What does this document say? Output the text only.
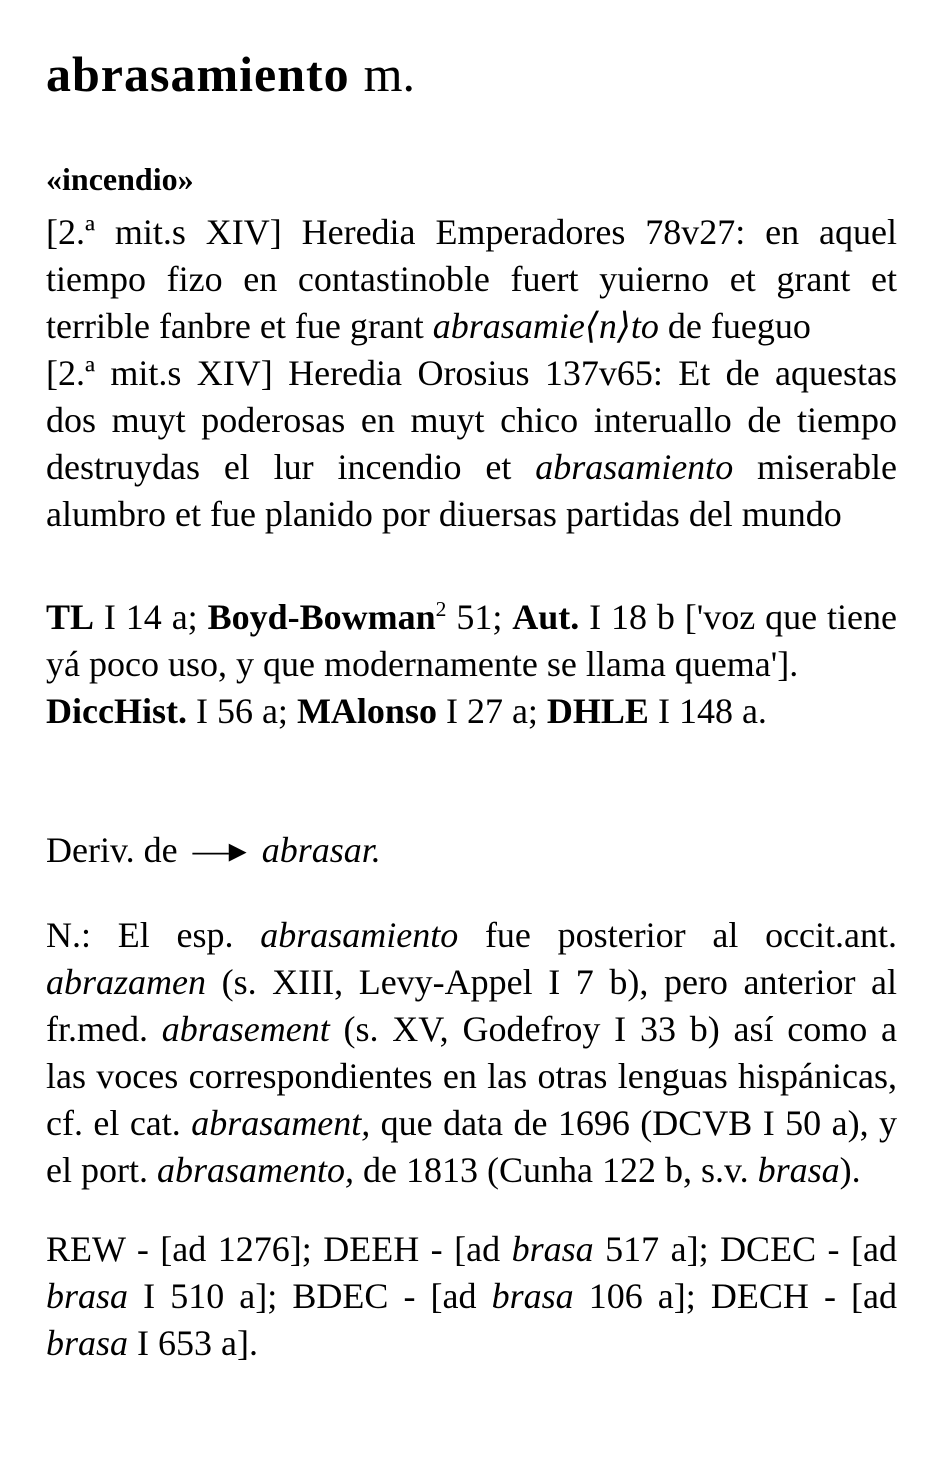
abrasamiento m.
«incendio»

[2.ª mit.s XIV] Heredia Emperadores 78v27: en aquel tiempo fizo en contastinoble fuert yuierno et grant et terrible fanbre et fue grant abrasamie⟨n⟩to de fueguo

[2.ª mit.s XIV] Heredia Orosius 137v65: Et de aquestas dos muyt poderosas en muyt chico interuallo de tiempo destruydas el lur incendio et abrasamiento miserable alumbro et fue planido por diuersas partidas del mundo

TL I 14 a; Boyd-Bowman$^2$ 51; Aut. I 18 b ['voz que tiene yá poco uso, y que modernamente se llama quema'].

DiccHist. I 56 a; MAlonso I 27 a; DHLE I 148 a.

Deriv. de —▸ abrasar.

N.: El esp. abrasamiento fue posterior al occit.ant. abrazamen (s. XIII, Levy-Appel I 7 b), pero anterior al fr.med. abrasement (s. XV, Godefroy I 33 b) así como a las voces correspondientes en las otras lenguas hispánicas, cf. el cat. abrasament, que data de 1696 (DCVB I 50 a), y el port. abrasamento, de 1813 (Cunha 122 b, s.v. brasa).

REW - [ad 1276]; DEEH - [ad brasa 517 a]; DCEC - [ad brasa I 510 a]; BDEC - [ad brasa 106 a]; DECH - [ad brasa I 653 a].
